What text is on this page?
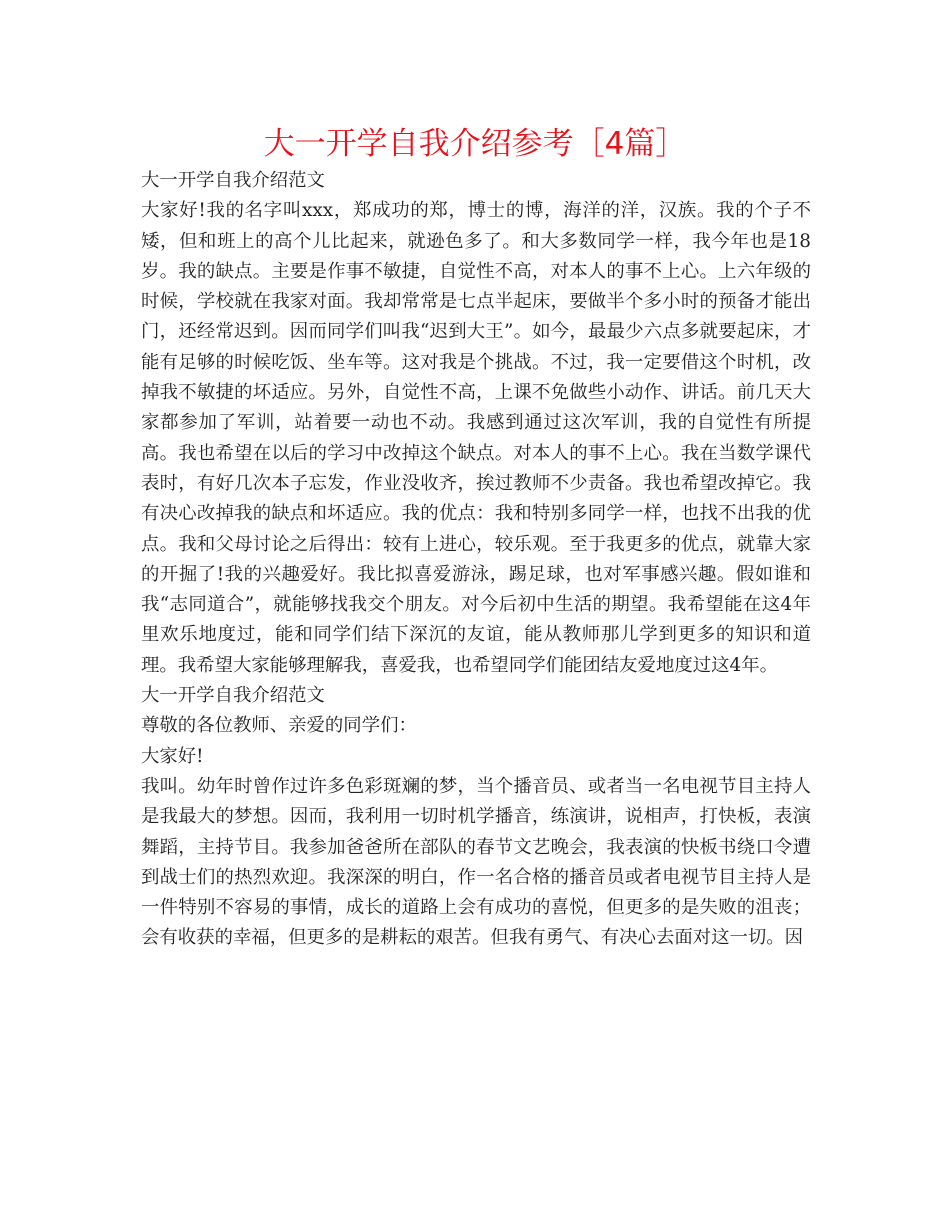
大一开学自我介绍参考［4篇］

大一开学自我介绍范文

大家好!我的名字叫xxx，郑成功的郑，博士的博，海洋的洋，汉族。我的个子不矮，但和班上的高个儿比起来，就逊色多了。和大多数同学一样，我今年也是18岁。我的缺点。主要是作事不敏捷，自觉性不高，对本人的事不上心。上六年级的时候，学校就在我家对面。我却常常是七点半起床，要做半个多小时的预备才能出门，还经常迟到。因而同学们叫我“迟到大王”。如今，最最少六点多就要起床，才能有足够的时候吃饭、坐车等。这对我是个挑战。不过，我一定要借这个时机，改掉我不敏捷的坏适应。另外，自觉性不高，上课不免做些小动作、讲话。前几天大家都参加了军训，站着要一动也不动。我感到通过这次军训，我的自觉性有所提高。我也希望在以后的学习中改掉这个缺点。对本人的事不上心。我在当数学课代表时，有好几次本子忘发，作业没收齐，挨过教师不少责备。我也希望改掉它。我有决心改掉我的缺点和坏适应。我的优点：我和特别多同学一样，也找不出我的优点。我和父母讨论之后得出：较有上进心，较乐观。至于我更多的优点，就靠大家的开掘了!我的兴趣爱好。我比拟喜爱游泳，踢足球，也对军事感兴趣。假如谁和我“志同道合”，就能够找我交个朋友。对今后初中生活的期望。我希望能在这4年里欢乐地度过，能和同学们结下深沉的友谊，能从教师那儿学到更多的知识和道理。我希望大家能够理解我，喜爱我，也希望同学们能团结友爱地度过这4年。

大一开学自我介绍范文

尊敬的各位教师、亲爱的同学们：

大家好!

我叫。幼年时曾作过许多色彩斑斓的梦，当个播音员、或者当一名电视节目主持人是我最大的梦想。因而，我利用一切时机学播音，练演讲，说相声，打快板，表演舞蹈，主持节目。我参加爸爸所在部队的春节文艺晚会，我表演的快板书绕口令遭到战士们的热烈欢迎。我深深的明白，作一名合格的播音员或者电视节目主持人是一件特别不容易的事情，成长的道路上会有成功的喜悦，但更多的是失败的沮丧；会有收获的幸福，但更多的是耕耘的艰苦。但我有勇气、有决心去面对这一切。因
